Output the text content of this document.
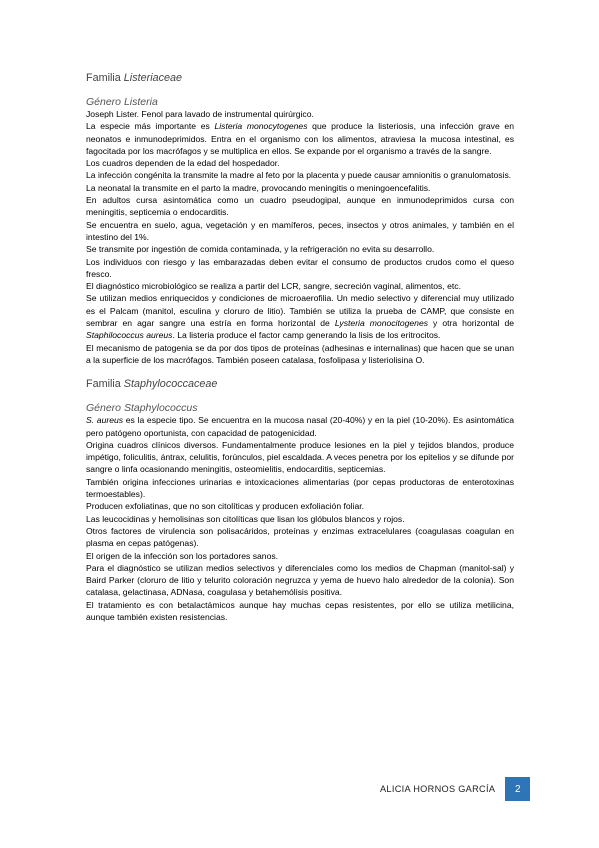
Familia Listeriaceae
Género Listeria

Joseph Lister. Fenol para lavado de instrumental quirúrgico.

La especie más importante es Listeria monocytogenes que produce la listeriosis, una infección grave en neonatos e inmunodeprimidos. Entra en el organismo con los alimentos, atraviesa la mucosa intestinal, es fagocitada por los macrófagos y se multiplica en ellos. Se expande por el organismo a través de la sangre.

Los cuadros dependen de la edad del hospedador.

La infección congénita la transmite la madre al feto por la placenta y puede causar amnionitis o granulomatosis.

La neonatal la transmite en el parto la madre, provocando meningitis o meningoencefalitis.

En adultos cursa asintomática como un cuadro pseudogipal, aunque en inmunodeprimidos cursa con meningitis, septicemia o endocarditis.

Se encuentra en suelo, agua, vegetación y en mamíferos, peces, insectos y otros animales, y también en el intestino del 1%.

Se transmite por ingestión de comida contaminada, y la refrigeración no evita su desarrollo.

Los individuos con riesgo y las embarazadas deben evitar el consumo de productos crudos como el queso fresco.

El diagnóstico microbiológico se realiza a partir del LCR, sangre, secreción vaginal, alimentos, etc.

Se utilizan medios enriquecidos y condiciones de microaerofilia. Un medio selectivo y diferencial muy utilizado es el Palcam (manitol, esculina y cloruro de litio). También se utiliza la prueba de CAMP, que consiste en sembrar en agar sangre una estría en forma horizontal de Lysteria monocitogenes y otra horizontal de Staphilococcus aureus. La listeria produce el factor camp generando la lisis de los eritrocitos.

El mecanismo de patogenia se da por dos tipos de proteínas (adhesinas e internalinas) que hacen que se unan a la superficie de los macrófagos. También poseen catalasa, fosfolipasa y listeriolisina O.

Familia Staphylococcaceae
Género Staphylococcus

S. aureus es la especie tipo. Se encuentra en la mucosa nasal (20-40%) y en la piel (10-20%). Es asintomática pero patógeno oportunista, con capacidad de patogenicidad.

Origina cuadros clínicos diversos. Fundamentalmente produce lesiones en la piel y tejidos blandos, produce impétigo, foliculitis, ántrax, celulitis, forúnculos, piel escaldada. A veces penetra por los epitelios y se difunde por sangre o linfa ocasionando meningitis, osteomielitis, endocarditis, septicemias.

También origina infecciones urinarias e intoxicaciones alimentarias (por cepas productoras de enterotoxinas termoestables).

Producen exfoliatinas, que no son citolíticas y producen exfoliación foliar.

Las leucocidinas y hemolisinas son citolíticas que lisan los glóbulos blancos y rojos.

Otros factores de virulencia son polisacáridos, proteínas y enzimas extracelulares (coagulasas coagulan en plasma en cepas patógenas).

El origen de la infección son los portadores sanos.

Para el diagnóstico se utilizan medios selectivos y diferenciales como los medios de Chapman (manitol-sal) y Baird Parker (cloruro de litio y telurito coloración negruzca y yema de huevo halo alrededor de la colonia). Son catalasa, gelactinasa, ADNasa, coagulasa y betahemólisis positiva.

El tratamiento es con betalactámicos aunque hay muchas cepas resistentes, por ello se utiliza metilicina, aunque también existen resistencias.

ALICIA HORNOS GARCÍA	2
